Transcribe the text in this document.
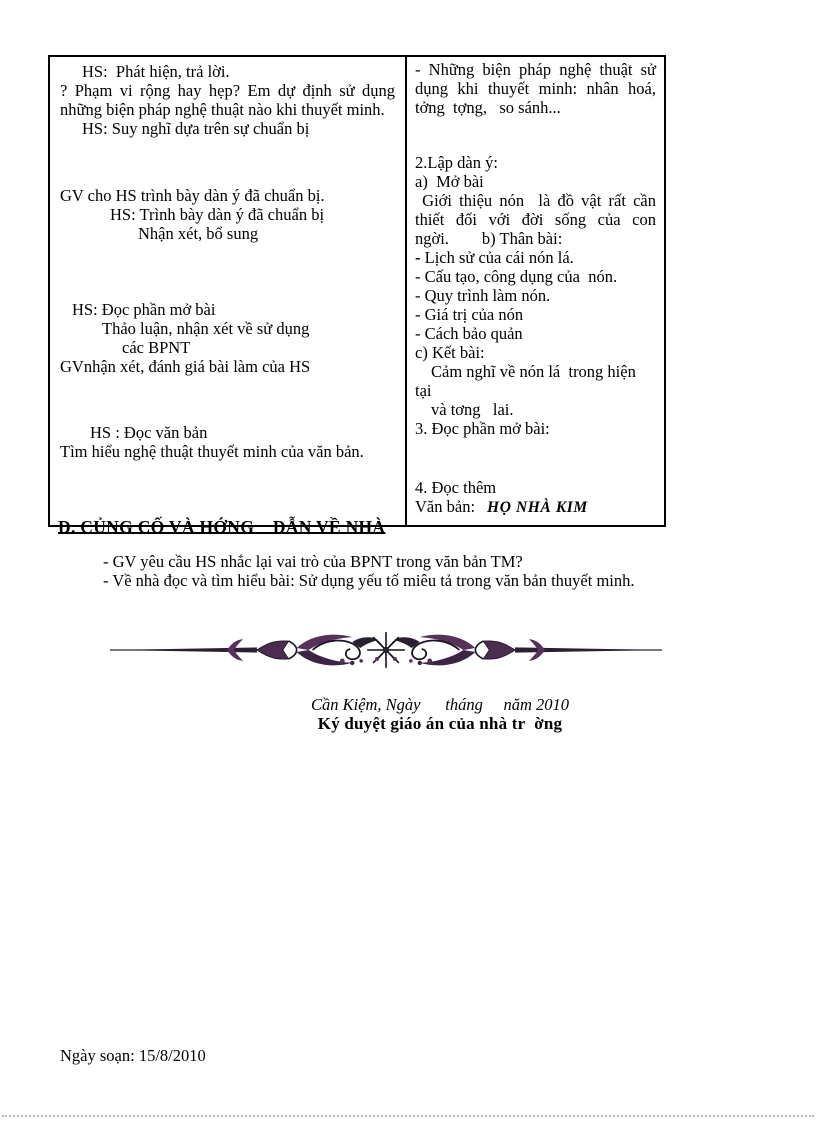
HS:  Phát hiện, trả lời.

? Phạm vi rộng hay hẹp? Em dự định sử dụng những biện pháp nghệ thuật nào khi thuyết minh.

HS: Suy nghĩ dựa trên sự chuẩn bị

GV cho HS trình bày dàn ý đã chuẩn bị.

HS: Trình bày dàn ý đã chuẩn bị

Nhận xét, bổ sung

HS: Đọc phần mở bài

Thảo luận, nhận xét về sử dụng

các BPNT

GVnhận xét, đánh giá bài làm của HS

HS : Đọc văn bản

Tìm hiểu nghệ thuật thuyết minh của văn bản.

- Những biện pháp nghệ thuật sử dụng khi thuyết minh: nhân hoá, tởng  tợng,   so sánh...

2.Lập dàn ý:

a)  Mở bài

Giới thiệu nón  là đồ vật rất cần thiết đối với đời sống của con ngời.        b) Thân bài:

- Lịch sử của cái nón lá.

- Cấu tạo, công dụng của  nón.

- Quy trình làm nón.

- Giá trị của nón

- Cách bảo quản

c) Kết bài:

Cảm nghĩ về nón lá  trong hiện tại

và tơng   lai.

3. Đọc phần mở bài:

4. Đọc thêm

Văn bản: HỌ NHÀ KIM

D. CỦNG CỐ VÀ HỚNG    DẪN VỀ NHÀ

- GV yêu cầu HS nhắc lại vai trò của BPNT trong văn bản TM?

- Về nhà đọc và tìm hiểu bài: Sử dụng yếu tố miêu tả trong văn bản thuyết minh.

Cần Kiệm, Ngày      tháng     năm 2010

Ký duyệt giáo án của nhà tr  ờng

Ngày soạn: 15/8/2010
